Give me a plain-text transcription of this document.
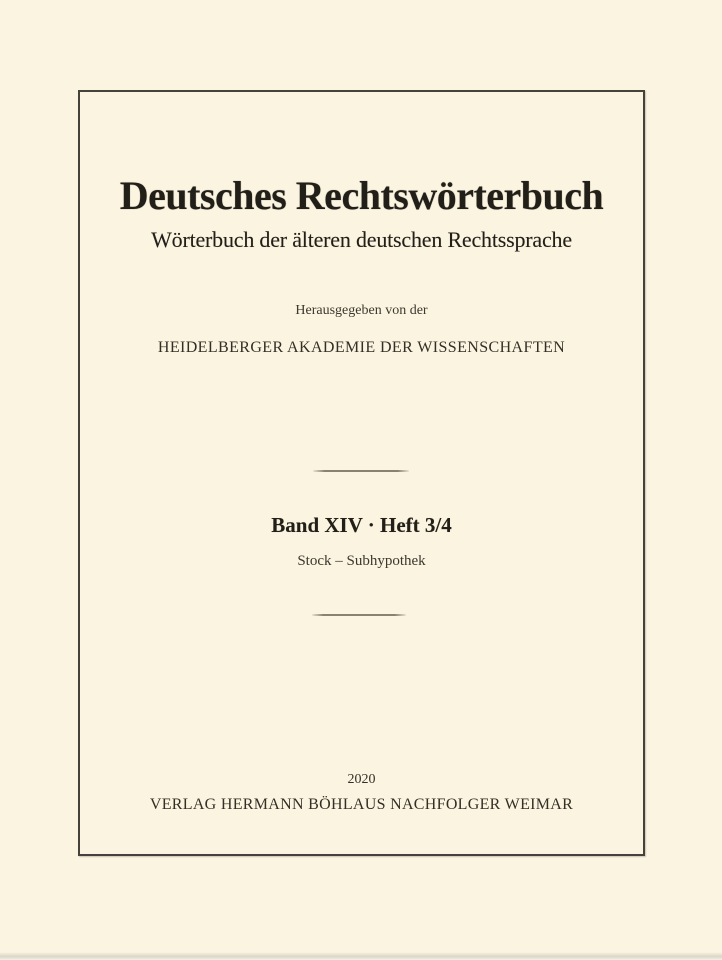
Deutsches Rechtswörterbuch
Wörterbuch der älteren deutschen Rechtssprache
Herausgegeben von der
HEIDELBERGER AKADEMIE DER WISSENSCHAFTEN
Band XIV · Heft 3/4
Stock – Subhypothek
2020
VERLAG HERMANN BÖHLAUS NACHFOLGER WEIMAR
